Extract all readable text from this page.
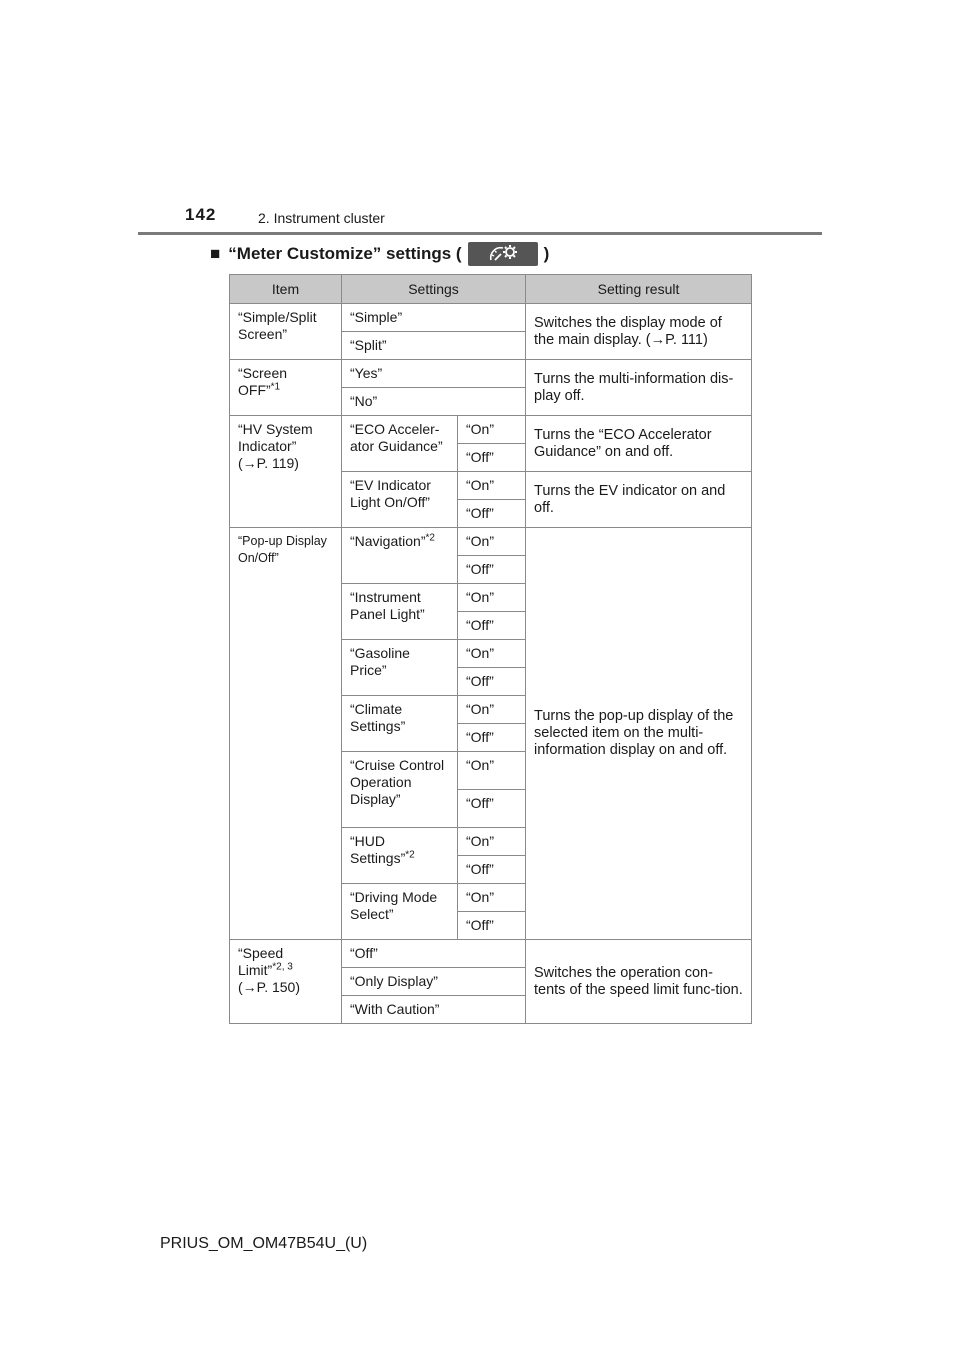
142	2. Instrument cluster
■ “Meter Customize” settings (	)
Item	Settings		Setting result
“Simple/Split Screen”	“Simple”		Switches the display mode of the main display. (→P. 111)
	“Split”		
“Screen OFF”$^{*1}$	“Yes”		Turns the multi-information dis-play off.
	“No”		

“HV System Indicator”
(→P. 119)	“ECO Acceler-ator Guidance”	“On”	Turns the “ECO Accelerator Guidance” on and off.
		“Off”	
	“EV Indicator Light On/Off”	“On”	Turns the EV indicator on and off.
		“Off”	
“Pop-up Display On/Off”	“Navigation”$^{*2}$	“On”	Turns the pop-up display of the selected item on the multi-information display on and off.
		“Off”	
	“Instrument Panel Light”	“On”	
		“Off”	
	“Gasoline Price”	“On”	
		“Off”	
	“Climate Settings”	“On”	
		“Off”	
	“Cruise Control Operation Display”	“On”	
		“Off”	
	“HUD Settings”$^{*2}$	“On”	
		“Off”	
	“Driving Mode Select”	“On”	
		“Off”	

“Speed Limit”$^{*2, 3}$
(→P. 150)	“Off”		Switches the operation con-tents of the speed limit func-tion.
	“Only Display”		
	“With Caution”		
PRIUS_OM_OM47B54U_(U)
